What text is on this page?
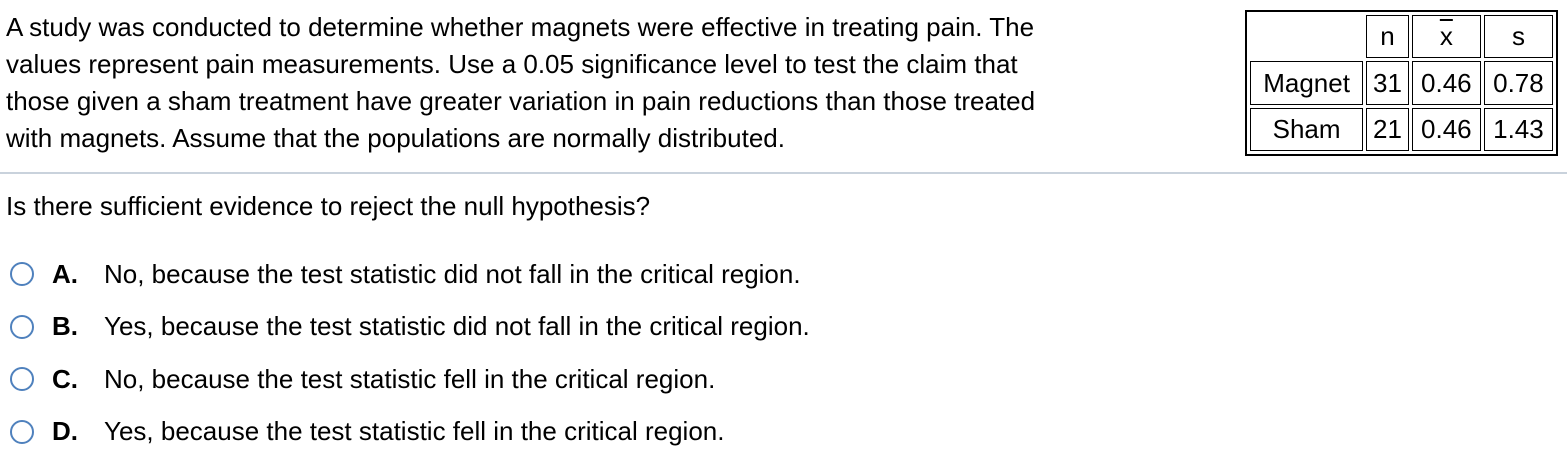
A study was conducted to determine whether magnets were effective in treating pain. The
values represent pain measurements. Use a 0.05 significance level to test the claim that
those given a sham treatment have greater variation in pain reductions than those treated
with magnets. Assume that the populations are normally distributed.
	n	$\overline{x}$	s
Magnet	31	0.46	0.78
Sham	21	0.46	1.43
Is there sufficient evidence to reject the null hypothesis?
A.	No, because the test statistic did not fall in the critical region.
B.	Yes, because the test statistic did not fall in the critical region.
C.	No, because the test statistic fell in the critical region.
D.	Yes, because the test statistic fell in the critical region.
